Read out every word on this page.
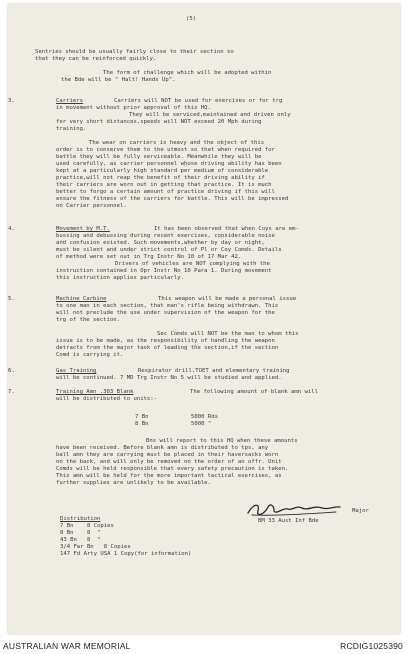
(5)
Sentries should be usually fairly close to their section so
that they can be reinforced quickly.
The form of challenge which will be adopted within
the Bde will be " Halt! Hands Up".
3.	Carriers	Carriers will NOT be used for exercises or for trg
in movement without prior approval of this HQ.
They will be serviced,maintained and driven only
for very short distances,speeds will NOT exceed 20 Mph during
training.
The wear on carriers is heavy and the object of this
order is to conserve them to the utmost so that when required for
battle they will be fully serviceable. Meanwhile they will be
used carefully, as carrier personnel whose driving ability has been
kept at a particularly high standard per medium of considerable
practice,will not reap the benefit of their driving ability if
their carriers are worn out in getting that practice. It is much
better to forgo a certain amount of practice driving if this will
ensure the fitness of the carriers for battle. This will be impressed
on Carrier personnel.
4.	Movement by M.T.	It has been observed that when Coys are em-
bussing and debussing during recent exercises, considerable noise
and confusion existed. Such movements,whether by day or night,
must be silent and under strict control of Pl or Coy Comds. Details
of method were set out in Trg Instr No 10 of 17 Mar 42.
Drivers of vehicles are NOT complying with the
instruction contained in Opr Instr No 10 Para 1. During movement
this instruction applies particularly.
5.	Machine Carbine	This weapon will be made a personal issue
to one man in each section, that man's rifle being withdrawn. This
will not preclude the use under supervision of the weapon for the
trg of the section.
Sec Comds will NOT be the man to whom this
issue is to be made, as the responsibility of handling the weapon
detracts from the major task of leading the section,if the section
Comd is carrying it.
6.	Gas Training	Respirator drill,TOET and elementary training
will be continued. 7 MD Trg Instr No 5 will be studied and applied.
7.	Training Amn .303 Blank	The following amount of blank amn will
will be distributed to units:-
7 Bn	5000 Rds
8 Bn	5000 "
Bns will report to this HQ when these amounts
have been received. Before blank amn is distributed to tps, any
ball amn they are carrying must be placed in their haversacks worn
on the back, and will only be removed on the order of an offr. Unit
Comds will be held responsible that every safety precaution is taken.
This amn will be held for the more important tactical exercises, as
further supplies are unlikely to be available.
Major
BM 33 Aust Inf Bde
Distribution
7 Bn    8 Copies
8 Bn    8  "
43 Bn   8  "
3/4 Fwr Bn   8 Copies
147 Fd Arty USA 1 Copy(for information)
AUSTRALIAN WAR MEMORIAL	RCDIG1025390
